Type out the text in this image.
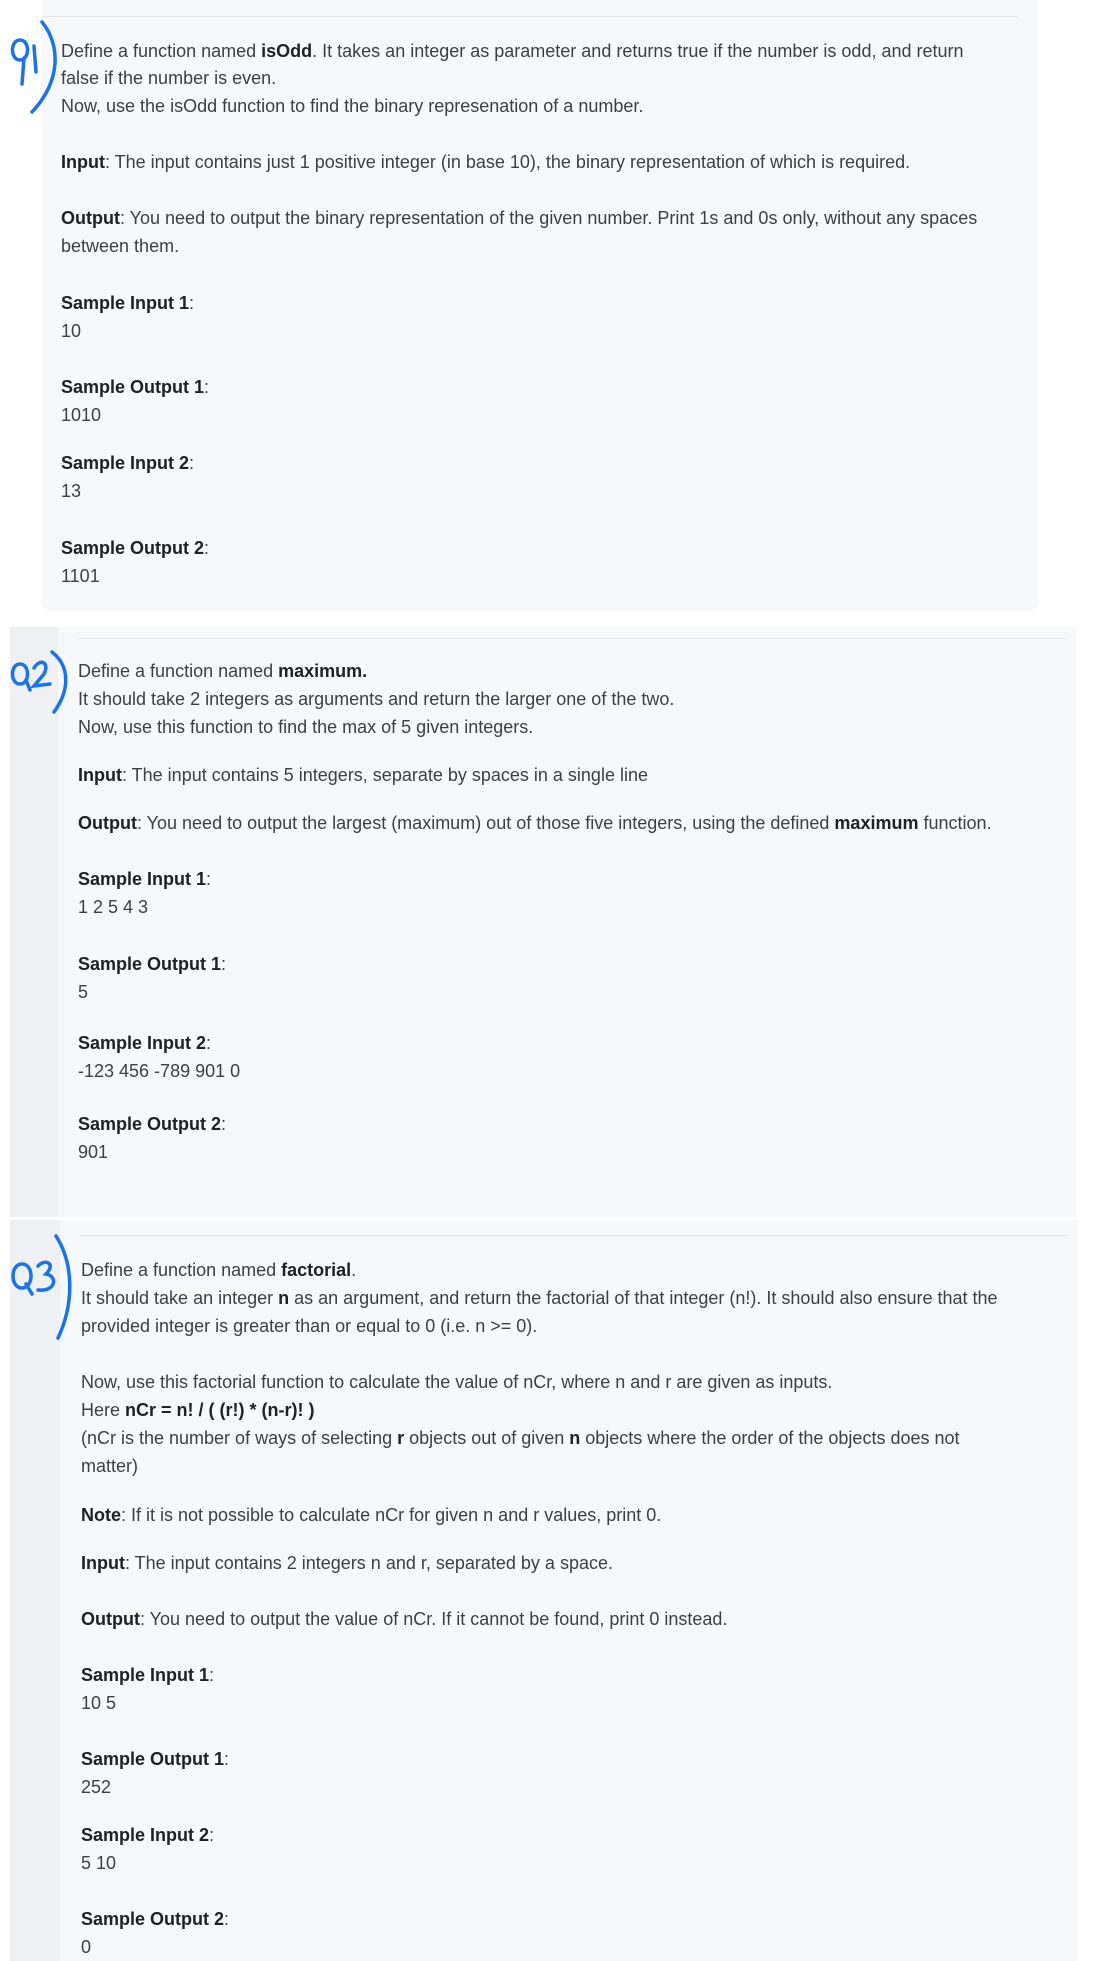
Define a function named isOdd. It takes an integer as parameter and returns true if the number is odd, and return
false if the number is even.
Now, use the isOdd function to find the binary represenation of a number.
Input: The input contains just 1 positive integer (in base 10), the binary representation of which is required.
Output: You need to output the binary representation of the given number. Print 1s and 0s only, without any spaces
between them.
Sample Input 1:
10
Sample Output 1:
1010
Sample Input 2:
13
Sample Output 2:
1101
Define a function named maximum.
It should take 2 integers as arguments and return the larger one of the two.
Now, use this function to find the max of 5 given integers.
Input: The input contains 5 integers, separate by spaces in a single line
Output: You need to output the largest (maximum) out of those five integers, using the defined maximum function.
Sample Input 1:
1 2 5 4 3
Sample Output 1:
5
Sample Input 2:
-123 456 -789 901 0
Sample Output 2:
901
Define a function named factorial.
It should take an integer n as an argument, and return the factorial of that integer (n!). It should also ensure that the
provided integer is greater than or equal to 0 (i.e. n >= 0).
Now, use this factorial function to calculate the value of nCr, where n and r are given as inputs.
Here nCr = n! / ( (r!) * (n-r)! )
(nCr is the number of ways of selecting r objects out of given n objects where the order of the objects does not
matter)
Note: If it is not possible to calculate nCr for given n and r values, print 0.
Input: The input contains 2 integers n and r, separated by a space.
Output: You need to output the value of nCr. If it cannot be found, print 0 instead.
Sample Input 1:
10 5
Sample Output 1:
252
Sample Input 2:
5 10
Sample Output 2:
0
